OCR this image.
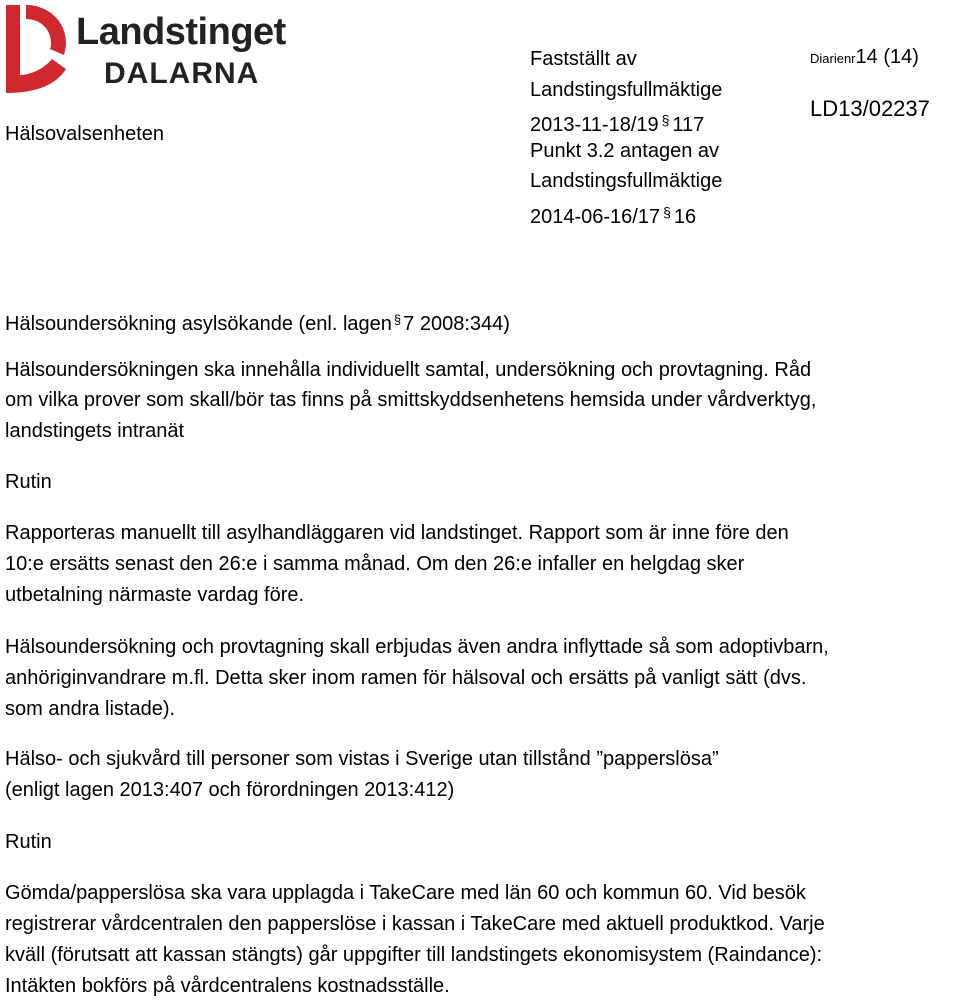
Landstinget
DALARNA
Hälsovalsenheten
Fastställt av
Landstingsfullmäktige
2013-11-18/19 § 117
Punkt 3.2 antagen av
Landstingsfullmäktige
2014-06-16/17 § 16
Diarienr14 (14)
LD13/02237
Hälsoundersökning asylsökande (enl. lagen § 7 2008:344)
Hälsoundersökningen ska innehålla individuellt samtal, undersökning och provtagning. Råd
om vilka prover som skall/bör tas finns på smittskyddsenhetens hemsida under vårdverktyg,
landstingets intranät
Rutin
Rapporteras manuellt till asylhandläggaren vid landstinget. Rapport som är inne före den
10:e ersätts senast den 26:e i samma månad. Om den 26:e infaller en helgdag sker
utbetalning närmaste vardag före.
Hälsoundersökning och provtagning skall erbjudas även andra inflyttade så som adoptivbarn,
anhöriginvandrare m.fl. Detta sker inom ramen för hälsoval och ersätts på vanligt sätt (dvs.
som andra listade).
Hälso- och sjukvård till personer som vistas i Sverige utan tillstånd ”papperslösa”
(enligt lagen 2013:407 och förordningen 2013:412)
Rutin
Gömda/papperslösa ska vara upplagda i TakeCare med län 60 och kommun 60. Vid besök
registrerar vårdcentralen den papperslöse i kassan i TakeCare med aktuell produktkod. Varje
kväll (förutsatt att kassan stängts) går uppgifter till landstingets ekonomisystem (Raindance):
Intäkten bokförs på vårdcentralens kostnadsställe.
